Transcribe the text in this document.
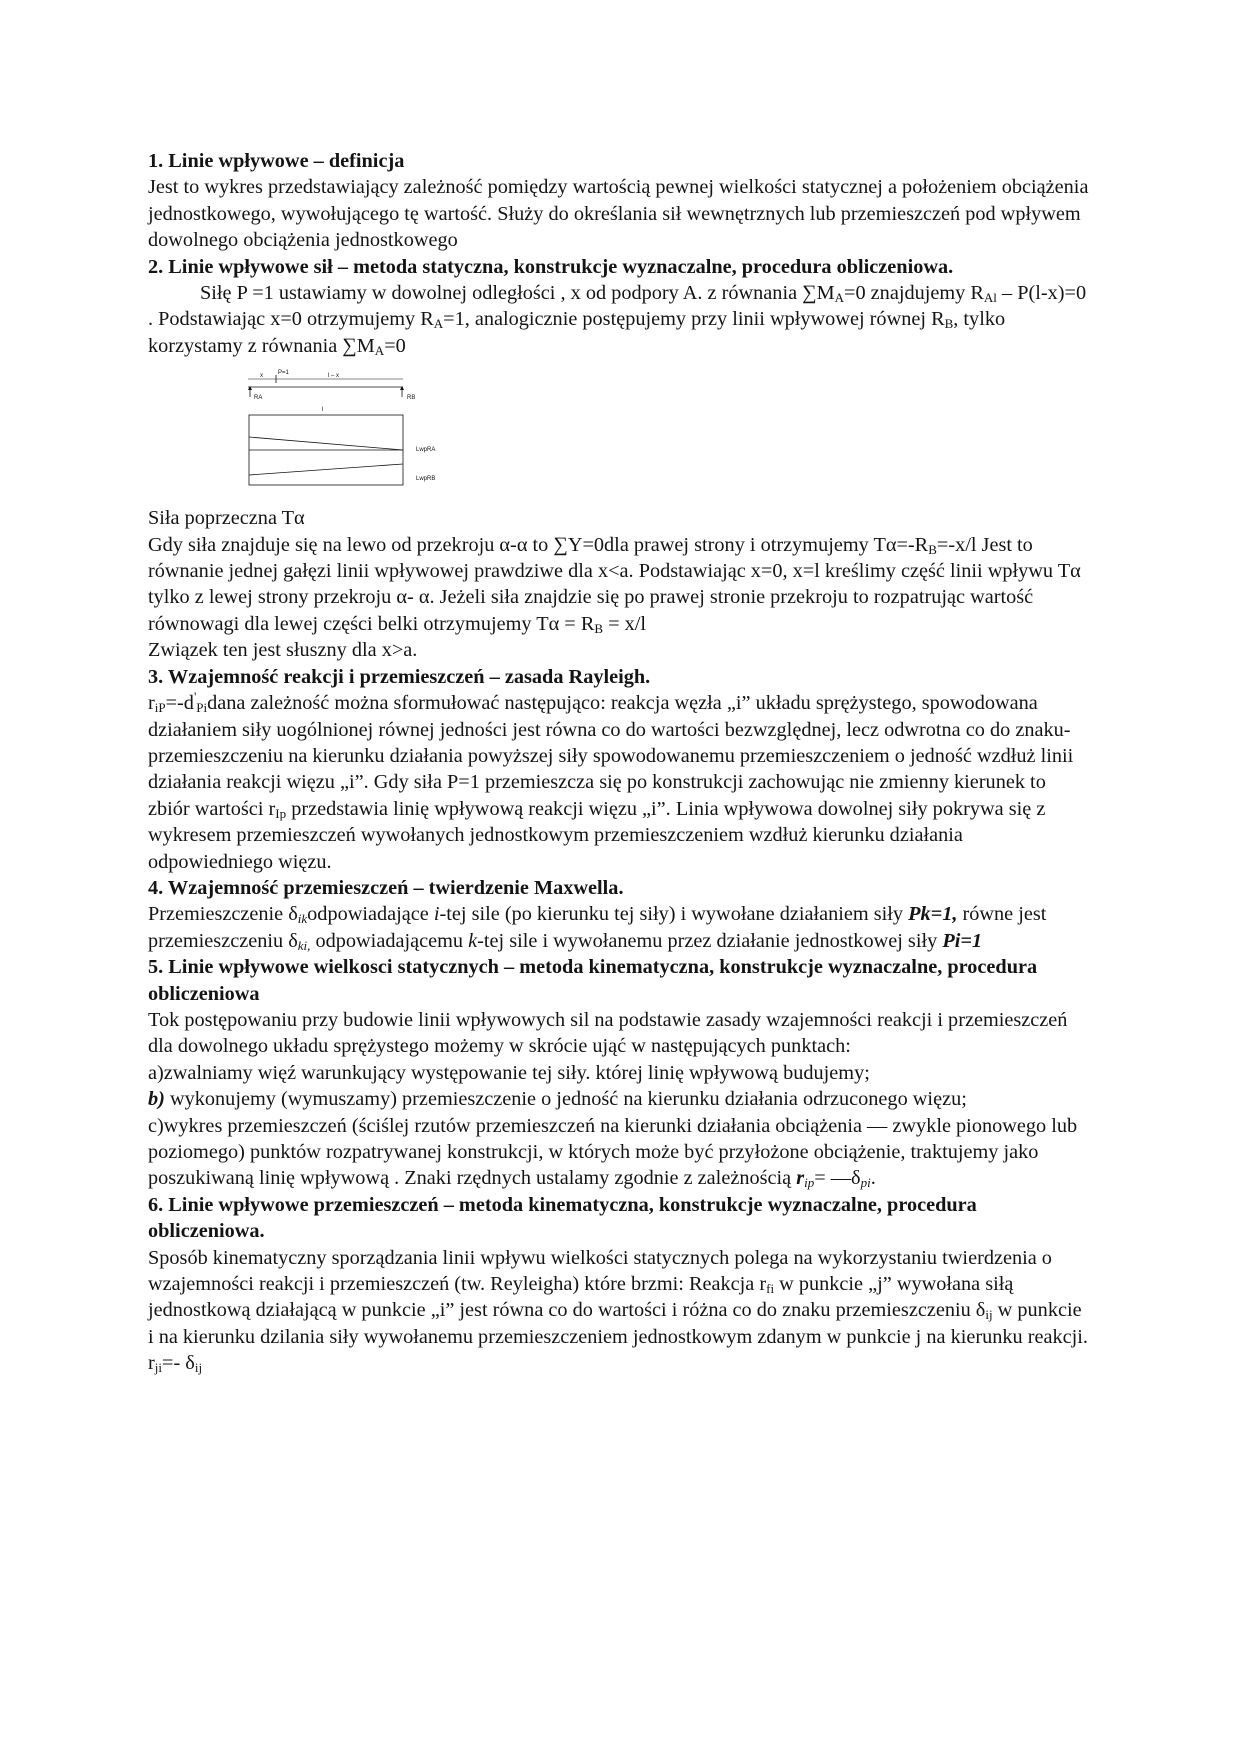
1. Linie wpływowe – definicja

Jest to wykres przedstawiający zależność pomiędzy wartością pewnej wielkości statycznej a położeniem obciążenia jednostkowego, wywołującego tę wartość. Służy do określania sił wewnętrznych lub przemieszczeń pod wpływem dowolnego obciążenia jednostkowego

2. Linie wpływowe sił – metoda statyczna, konstrukcje wyznaczalne, procedura obliczeniowa.

Siłę P =1 ustawiamy w dowolnej odległości , x od podpory A. z równania $\sum M_A=0$ znajdujemy $R_{Al} - P(l-x)=0$ . Podstawiając x=0 otrzymujemy $R_A=1$, analogicznie postępujemy przy linii wpływowej równej $R_B$, tylko korzystamy z równania $\sum M_A=0$

x	P=1	l – x
RA	RB
l
LwpRA
LwpRB

Siła poprzeczna Tα

Gdy siła znajduje się na lewo od przekroju α-α to ∑Y=0dla prawej strony i otrzymujemy $T\alpha=-R_B=-x/l$ Jest to równanie jednej gałęzi linii wpływowej prawdziwe dla x<a. Podstawiając x=0, x=l kreślimy część linii wpływu Tα tylko z lewej strony przekroju α- α. Jeżeli siła znajdzie się po prawej stronie przekroju to rozpatrując wartość równowagi dla lewej części belki otrzymujemy $T\alpha = R_B = x/l$

Związek ten jest słuszny dla x>a.

3. Wzajemność reakcji i przemieszczeń – zasada Rayleigh.

$r_{iP}=-d'_{Pi}dana$ zależność można sformułować następująco: reakcja węzła „i” układu sprężystego, spowodowana działaniem siły uogólnionej równej jedności jest równa co do wartości bezwzględnej, lecz odwrotna co do znaku- przemieszczeniu na kierunku działania powyższej siły spowodowanemu przemieszczeniem o jedność wzdłuż linii działania reakcji więzu „i”. Gdy siła P=1 przemieszcza się po konstrukcji zachowując nie zmienny kierunek to zbiór wartości $r_{Ip}$ przedstawia linię wpływową reakcji więzu „i”. Linia wpływowa dowolnej siły pokrywa się z wykresem przemieszczeń wywołanych jednostkowym przemieszczeniem wzdłuż kierunku działania odpowiedniego więzu.

4. Wzajemność przemieszczeń – twierdzenie Maxwella.

Przemieszczenie $\delta_{ik}odpowiadające$ i-tej sile (po kierunku tej siły) i wywołane działaniem siły Pk=1, równe jest przemieszczeniu $\delta_{ki,}$ odpowiadającemu k-tej sile i wywołanemu przez działanie jednostkowej siły Pi=1

5. Linie wpływowe wielkosci statycznych – metoda kinematyczna, konstrukcje wyznaczalne, procedura obliczeniowa

Tok postępowaniu przy budowie linii wpływowych sil na podstawie zasady wzajemności reakcji i przemieszczeń dla dowolnego układu sprężystego możemy w skrócie ująć w następujących punktach:

a)zwalniamy więź warunkujący występowanie tej siły. której linię wpływową budujemy;

b) wykonujemy (wymuszamy) przemieszczenie o jedność na kierunku działania odrzuconego więzu;

c)wykres przemieszczeń (ściślej rzutów przemieszczeń na kierunki działania obciążenia — zwykle pionowego lub poziomego) punktów rozpatrywanej konstrukcji, w których może być przyłożone obciążenie, traktujemy jako poszukiwaną linię wpływową . Znaki rzędnych ustalamy zgodnie z zależnością $r_{ip}=$ $—\delta_{pi}$.

6. Linie wpływowe przemieszczeń – metoda kinematyczna, konstrukcje wyznaczalne, procedura obliczeniowa.

Sposób kinematyczny sporządzania linii wpływu wielkości statycznych polega na wykorzystaniu twierdzenia o wzajemności reakcji i przemieszczeń (tw. Reyleigha) które brzmi: Reakcja $r_{fi}$ w punkcie „j” wywołana siłą jednostkową działającą w punkcie „i” jest równa co do wartości i różna co do znaku przemieszczeniu $\delta_{ij}$ w punkcie i na kierunku dzilania siły wywołanemu przemieszczeniem jednostkowym zdanym w punkcie j na kierunku reakcji. $r_{ji}=-$ $\delta_{ij}$
